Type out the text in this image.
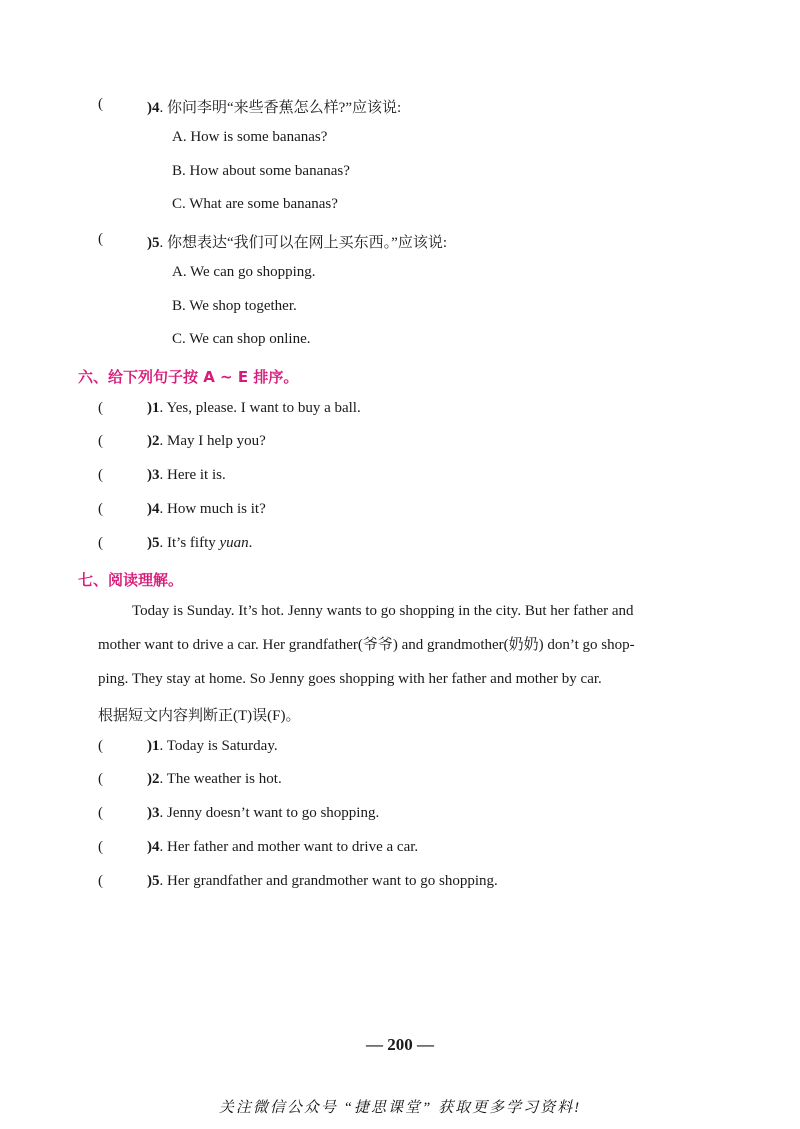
(	)4. 你问李明“来些香蕉怎么样?”应该说:
A. How is some bananas?
B. How about some bananas?
C. What are some bananas?
(	)5. 你想表达“我们可以在网上买东西。”应该说:
A. We can go shopping.
B. We shop together.
C. We can shop online.
六、给下列句子按 A ~ E 排序。
(	)1. Yes, please. I want to buy a ball.
(	)2. May I help you?
(	)3. Here it is.
(	)4. How much is it?
(	)5. It’s fifty yuan.
七、阅读理解。
Today is Sunday. It’s hot. Jenny wants to go shopping in the city. But her father and
mother want to drive a car. Her grandfather(爷爷) and grandmother(奶奶) don’t go shop-
ping. They stay at home. So Jenny goes shopping with her father and mother by car.
根据短文内容判断正(T)误(F)。
(	)1. Today is Saturday.
(	)2. The weather is hot.
(	)3. Jenny doesn’t want to go shopping.
(	)4. Her father and mother want to drive a car.
(	)5. Her grandfather and grandmother want to go shopping.
— 200 —
关注微信公众号 “捷思课堂” 获取更多学习资料!
